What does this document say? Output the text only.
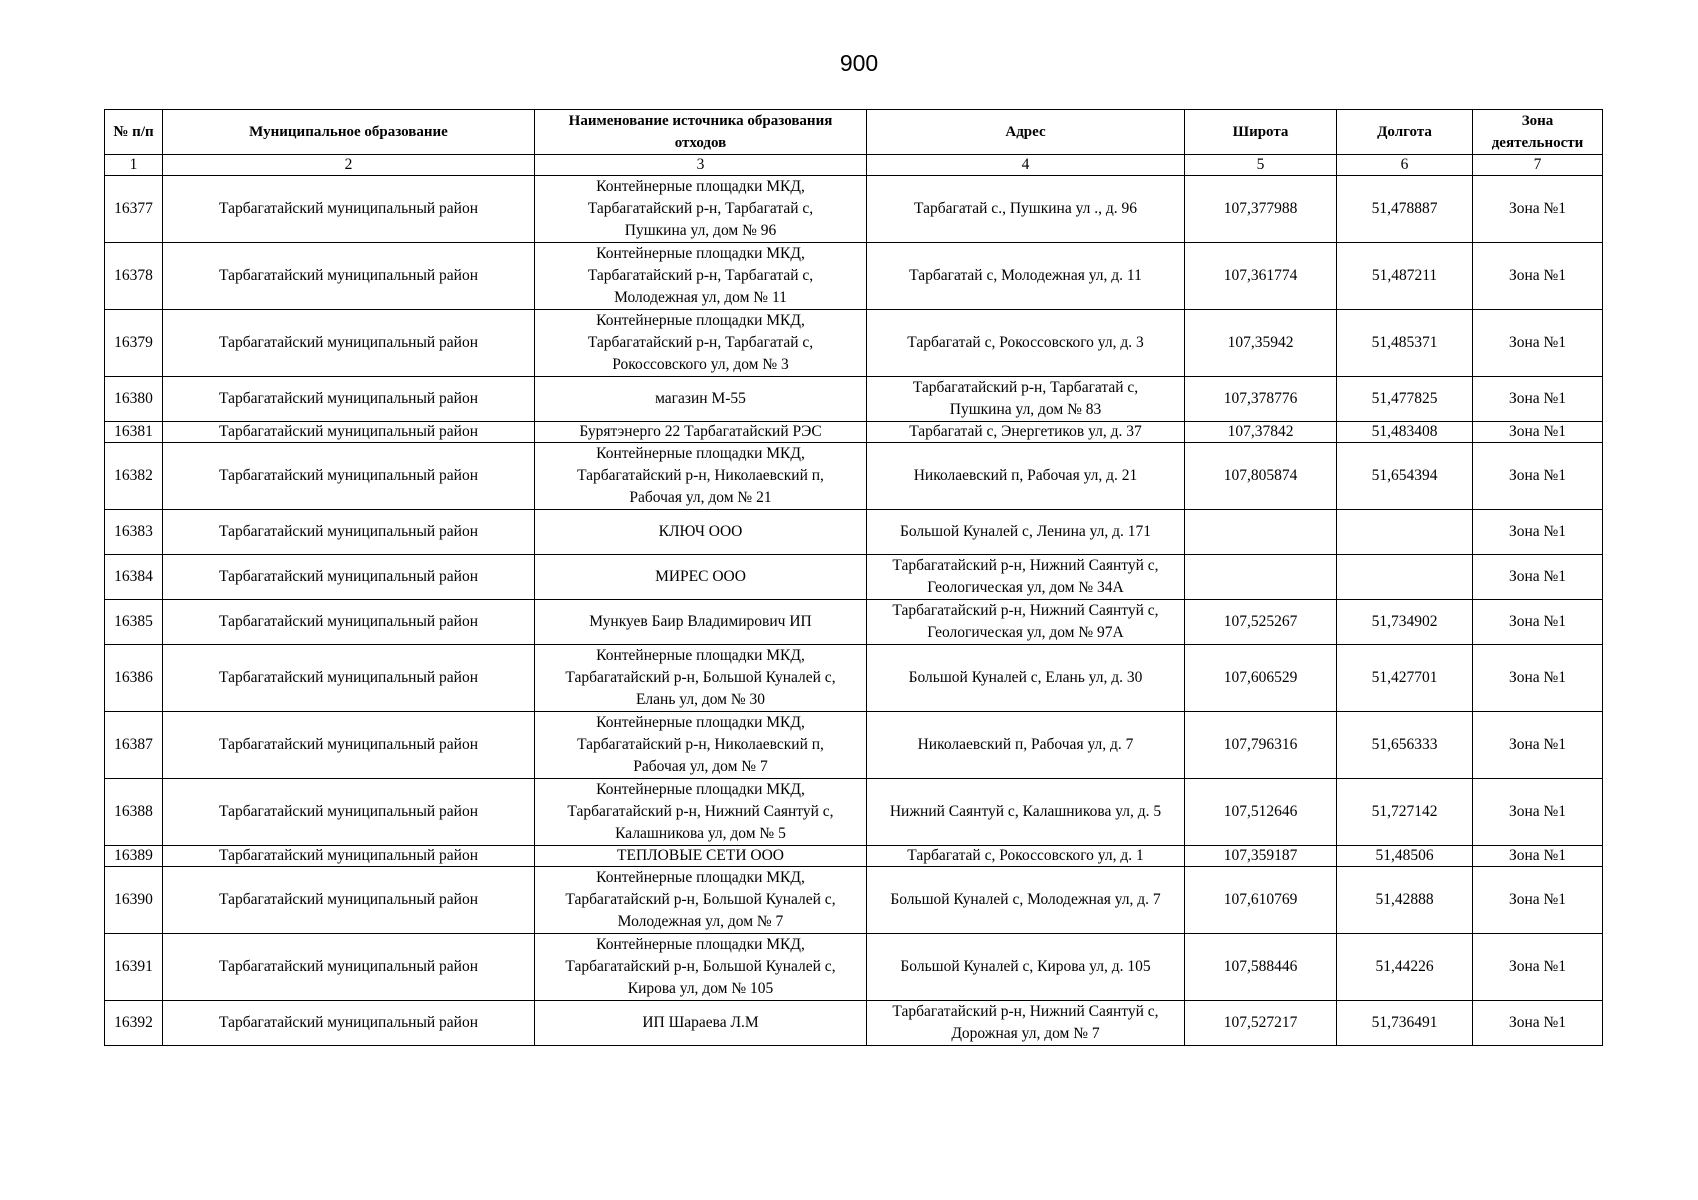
900
№ п/п	Муниципальное образование	Наименование источника образования
отходов	Адрес	Широта	Долгота	Зона
деятельности

1	2	3	4	5	6	7
16377	Тарбагатайский муниципальный район	Контейнерные площадки МКД,
Тарбагатайский р-н, Тарбагатай с,
Пушкина ул, дом № 96	Тарбагатай с., Пушкина ул ., д. 96	107,377988	51,478887	Зона №1
16378	Тарбагатайский муниципальный район	Контейнерные площадки МКД,
Тарбагатайский р-н, Тарбагатай с,
Молодежная ул, дом № 11	Тарбагатай с, Молодежная ул, д. 11	107,361774	51,487211	Зона №1
16379	Тарбагатайский муниципальный район	Контейнерные площадки МКД,
Тарбагатайский р-н, Тарбагатай с,
Рокоссовского ул, дом № 3	Тарбагатай с, Рокоссовского ул, д. 3	107,35942	51,485371	Зона №1
16380	Тарбагатайский муниципальный район	магазин М-55	Тарбагатайский р-н, Тарбагатай с,
Пушкина ул, дом № 83	107,378776	51,477825	Зона №1
16381	Тарбагатайский муниципальный район	Бурятэнерго 22 Тарбагатайский РЭС	Тарбагатай с, Энергетиков ул, д. 37	107,37842	51,483408	Зона №1
16382	Тарбагатайский муниципальный район	Контейнерные площадки МКД,
Тарбагатайский р-н, Николаевский п,
Рабочая ул, дом № 21	Николаевский п, Рабочая ул, д. 21	107,805874	51,654394	Зона №1
16383	Тарбагатайский муниципальный район	КЛЮЧ ООО	Большой Куналей с, Ленина ул, д. 171			Зона №1
16384	Тарбагатайский муниципальный район	МИРЕС ООО	Тарбагатайский р-н, Нижний Саянтуй с,
Геологическая ул, дом № 34А			Зона №1
16385	Тарбагатайский муниципальный район	Мункуев Баир Владимирович ИП	Тарбагатайский р-н, Нижний Саянтуй с,
Геологическая ул, дом № 97А	107,525267	51,734902	Зона №1
16386	Тарбагатайский муниципальный район	Контейнерные площадки МКД,
Тарбагатайский р-н, Большой Куналей с,
Елань ул, дом № 30	Большой Куналей с, Елань ул, д. 30	107,606529	51,427701	Зона №1
16387	Тарбагатайский муниципальный район	Контейнерные площадки МКД,
Тарбагатайский р-н, Николаевский п,
Рабочая ул, дом № 7	Николаевский п, Рабочая ул, д. 7	107,796316	51,656333	Зона №1
16388	Тарбагатайский муниципальный район	Контейнерные площадки МКД,
Тарбагатайский р-н, Нижний Саянтуй с,
Калашникова ул, дом № 5	Нижний Саянтуй с, Калашникова ул, д. 5	107,512646	51,727142	Зона №1
16389	Тарбагатайский муниципальный район	ТЕПЛОВЫЕ СЕТИ ООО	Тарбагатай с, Рокоссовского ул, д. 1	107,359187	51,48506	Зона №1
16390	Тарбагатайский муниципальный район	Контейнерные площадки МКД,
Тарбагатайский р-н, Большой Куналей с,
Молодежная ул, дом № 7	Большой Куналей с, Молодежная ул, д. 7	107,610769	51,42888	Зона №1
16391	Тарбагатайский муниципальный район	Контейнерные площадки МКД,
Тарбагатайский р-н, Большой Куналей с,
Кирова ул, дом № 105	Большой Куналей с, Кирова ул, д. 105	107,588446	51,44226	Зона №1
16392	Тарбагатайский муниципальный район	ИП Шараева Л.М	Тарбагатайский р-н, Нижний Саянтуй с,
Дорожная ул, дом № 7	107,527217	51,736491	Зона №1
